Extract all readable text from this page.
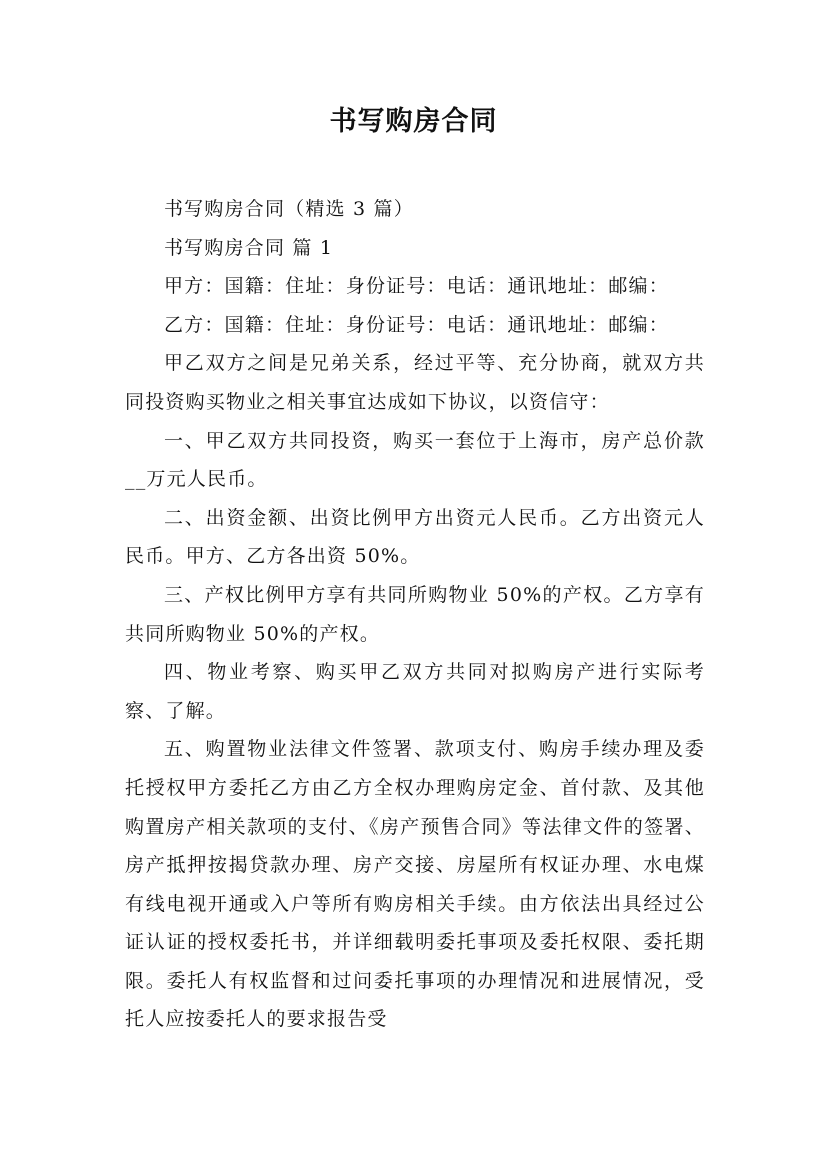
书写购房合同

书写购房合同（精选 3 篇）

书写购房合同 篇 1

甲方：国籍：住址：身份证号：电话：通讯地址：邮编：

乙方：国籍：住址：身份证号：电话：通讯地址：邮编：

甲乙双方之间是兄弟关系，经过平等、充分协商，就双方共同投资购买物业之相关事宜达成如下协议，以资信守：

一、甲乙双方共同投资，购买一套位于上海市，房产总价款__万元人民币。

二、出资金额、出资比例甲方出资元人民币。乙方出资元人民币。甲方、乙方各出资 50%。

三、产权比例甲方享有共同所购物业 50%的产权。乙方享有共同所购物业 50%的产权。

四、物业考察、购买甲乙双方共同对拟购房产进行实际考察、了解。

五、购置物业法律文件签署、款项支付、购房手续办理及委托授权甲方委托乙方由乙方全权办理购房定金、首付款、及其他购置房产相关款项的支付、《房产预售合同》等法律文件的签署、房产抵押按揭贷款办理、房产交接、房屋所有权证办理、水电煤有线电视开通或入户等所有购房相关手续。由方依法出具经过公证认证的授权委托书，并详细载明委托事项及委托权限、委托期限。委托人有权监督和过问委托事项的办理情况和进展情况，受托人应按委托人的要求报告受
